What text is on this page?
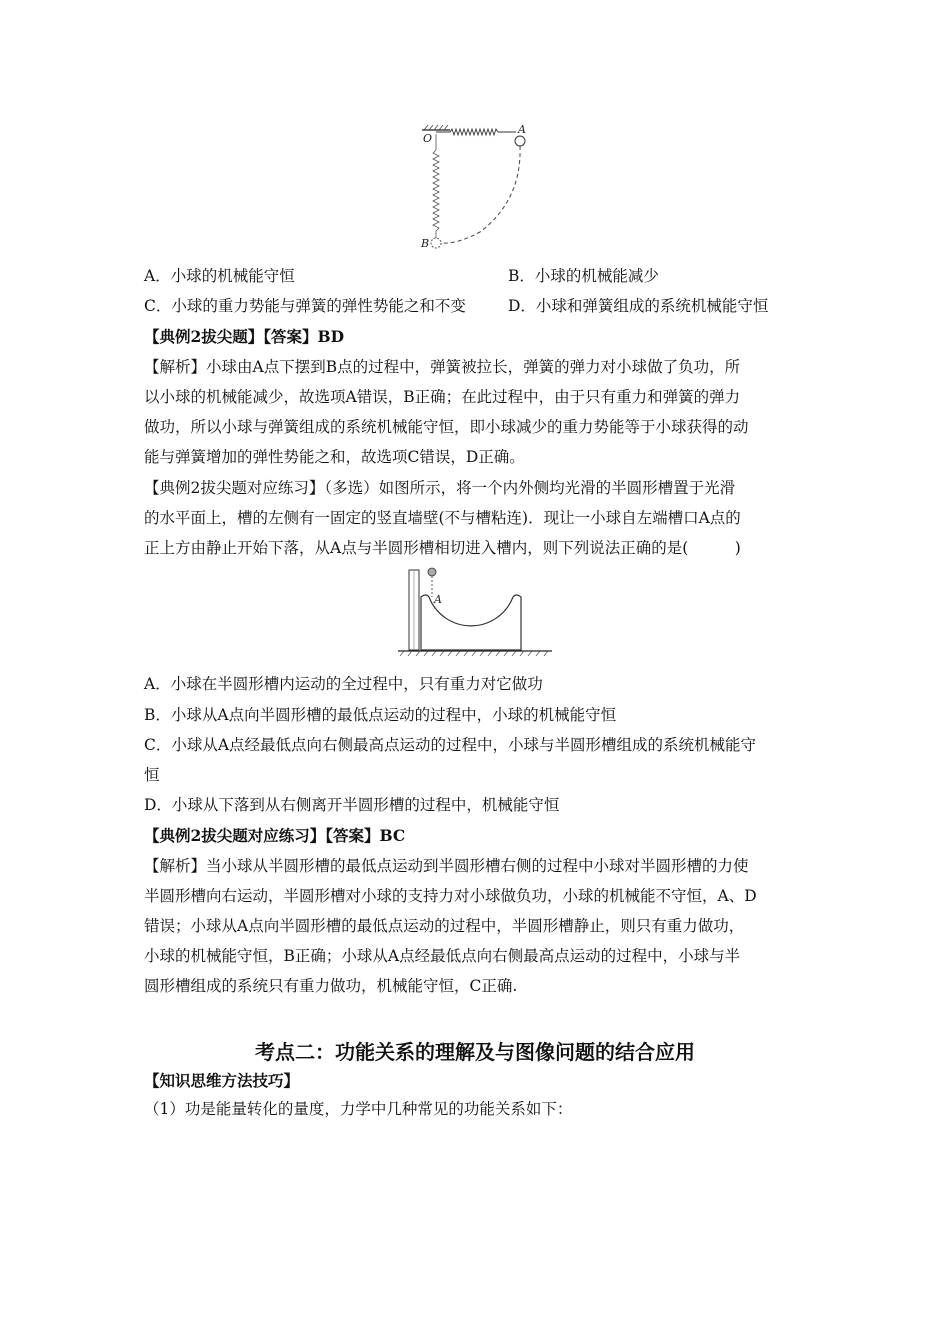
O
A
B
A．小球的机械能守恒	B．小球的机械能减少
C．小球的重力势能与弹簧的弹性势能之和不变	D．小球和弹簧组成的系统机械能守恒
【典例2拔尖题】【答案】BD
【解析】小球由A点下摆到B点的过程中，弹簧被拉长，弹簧的弹力对小球做了负功，所
以小球的机械能减少，故选项A错误，B正确；在此过程中，由于只有重力和弹簧的弹力
做功，所以小球与弹簧组成的系统机械能守恒，即小球减少的重力势能等于小球获得的动
能与弹簧增加的弹性势能之和，故选项C错误，D正确。
【典例2拔尖题对应练习】（多选）如图所示，将一个内外侧均光滑的半圆形槽置于光滑
的水平面上，槽的左侧有一固定的竖直墙壁(不与槽粘连)．现让一小球自左端槽口A点的
正上方由静止开始下落，从A点与半圆形槽相切进入槽内，则下列说法正确的是(　　　)
A
A．小球在半圆形槽内运动的全过程中，只有重力对它做功
B．小球从A点向半圆形槽的最低点运动的过程中，小球的机械能守恒
C．小球从A点经最低点向右侧最高点运动的过程中，小球与半圆形槽组成的系统机械能守
恒
D．小球从下落到从右侧离开半圆形槽的过程中，机械能守恒
【典例2拔尖题对应练习】【答案】BC
【解析】当小球从半圆形槽的最低点运动到半圆形槽右侧的过程中小球对半圆形槽的力使
半圆形槽向右运动，半圆形槽对小球的支持力对小球做负功，小球的机械能不守恒，A、D
错误；小球从A点向半圆形槽的最低点运动的过程中，半圆形槽静止，则只有重力做功，
小球的机械能守恒，B正确；小球从A点经最低点向右侧最高点运动的过程中，小球与半
圆形槽组成的系统只有重力做功，机械能守恒，C正确.
考点二：功能关系的理解及与图像问题的结合应用
【知识思维方法技巧】
（1）功是能量转化的量度，力学中几种常见的功能关系如下：
